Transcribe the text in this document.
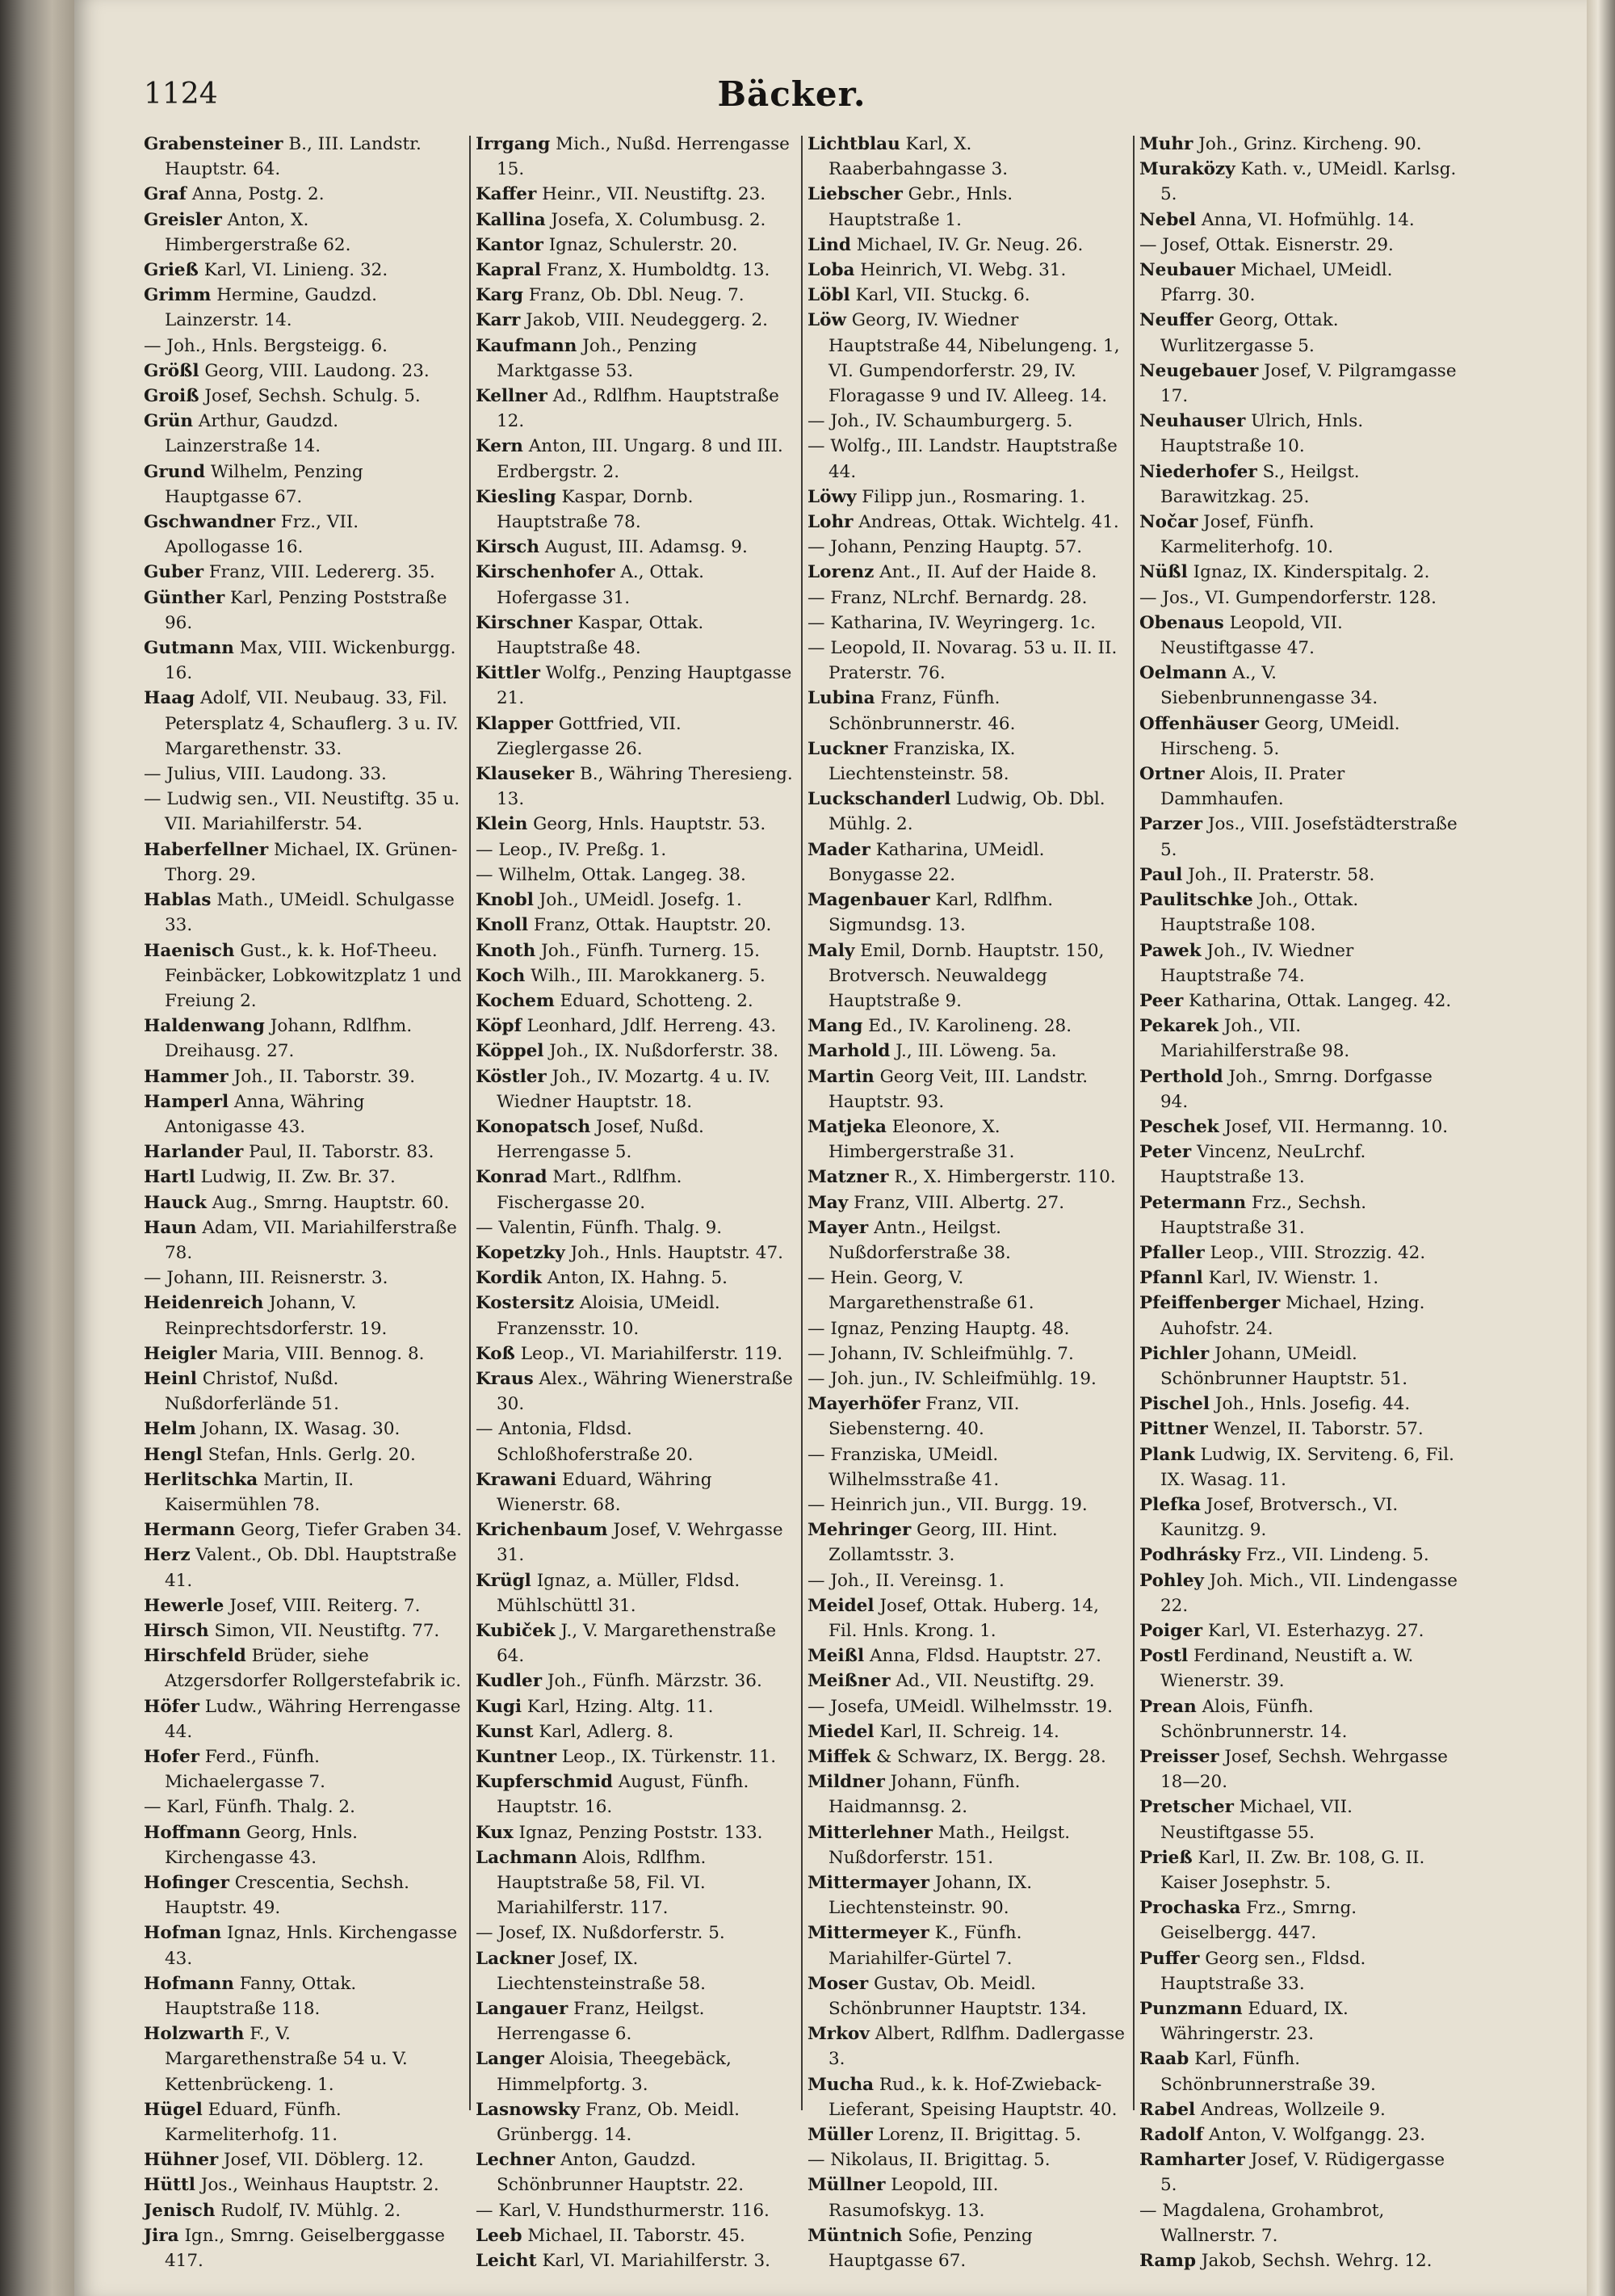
1124	Bäcker.
Grabensteiner B., III. Landstr. Hauptstr. 64.
Graf Anna, Postg. 2.
Greisler Anton, X. Himbergerstraße 62.
Grieß Karl, VI. Linieng. 32.
Grimm Hermine, Gaudzd. Lainzerstr. 14.
— Joh., Hnls. Bergsteigg. 6.
Größl Georg, VIII. Laudong. 23.
Groiß Josef, Sechsh. Schulg. 5.
Grün Arthur, Gaudzd. Lainzerstraße 14.
Grund Wilhelm, Penzing Hauptgasse 67.
Gschwandner Frz., VII. Apollogasse 16.
Guber Franz, VIII. Ledererg. 35.
Günther Karl, Penzing Poststraße 96.
Gutmann Max, VIII. Wickenburgg. 16.
Haag Adolf, VII. Neubaug. 33, Fil. Petersplatz 4, Schauflerg. 3 u. IV. Margarethenstr. 33.
— Julius, VIII. Laudong. 33.
— Ludwig sen., VII. Neustiftg. 35 u. VII. Mariahilferstr. 54.
Haberfellner Michael, IX. Grünen-Thorg. 29.
Hablas Math., UMeidl. Schulgasse 33.
Haenisch Gust., k. k. Hof-Theeu. Feinbäcker, Lobkowitzplatz 1 und Freiung 2.
Haldenwang Johann, Rdlfhm. Dreihausg. 27.
Hammer Joh., II. Taborstr. 39.
Hamperl Anna, Währing Antonigasse 43.
Harlander Paul, II. Taborstr. 83.
Hartl Ludwig, II. Zw. Br. 37.
Hauck Aug., Smrng. Hauptstr. 60.
Haun Adam, VII. Mariahilferstraße 78.
— Johann, III. Reisnerstr. 3.
Heidenreich Johann, V. Reinprechtsdorferstr. 19.
Heigler Maria, VIII. Bennog. 8.
Heinl Christof, Nußd. Nußdorferlände 51.
Helm Johann, IX. Wasag. 30.
Hengl Stefan, Hnls. Gerlg. 20.
Herlitschka Martin, II. Kaisermühlen 78.
Hermann Georg, Tiefer Graben 34.
Herz Valent., Ob. Dbl. Hauptstraße 41.
Hewerle Josef, VIII. Reiterg. 7.
Hirsch Simon, VII. Neustiftg. 77.
Hirschfeld Brüder, siehe Atzgersdorfer Rollgerstefabrik ic.
Höfer Ludw., Währing Herrengasse 44.
Hofer Ferd., Fünfh. Michaelergasse 7.
— Karl, Fünfh. Thalg. 2.
Hoffmann Georg, Hnls. Kirchengasse 43.
Hofinger Crescentia, Sechsh. Hauptstr. 49.
Hofman Ignaz, Hnls. Kirchengasse 43.
Hofmann Fanny, Ottak. Hauptstraße 118.
Holzwarth F., V. Margarethenstraße 54 u. V. Kettenbrückeng. 1.
Hügel Eduard, Fünfh. Karmeliterhofg. 11.
Hühner Josef, VII. Döblerg. 12.
Hüttl Jos., Weinhaus Hauptstr. 2.
Jenisch Rudolf, IV. Mühlg. 2.
Jira Ign., Smrng. Geiselberggasse 417.
Irrgang Mich., Nußd. Herrengasse 15.
Kaffer Heinr., VII. Neustiftg. 23.
Kallina Josefa, X. Columbusg. 2.
Kantor Ignaz, Schulerstr. 20.
Kapral Franz, X. Humboldtg. 13.
Karg Franz, Ob. Dbl. Neug. 7.
Karr Jakob, VIII. Neudeggerg. 2.
Kaufmann Joh., Penzing Marktgasse 53.
Kellner Ad., Rdlfhm. Hauptstraße 12.
Kern Anton, III. Ungarg. 8 und III. Erdbergstr. 2.
Kiesling Kaspar, Dornb. Hauptstraße 78.
Kirsch August, III. Adamsg. 9.
Kirschenhofer A., Ottak. Hofergasse 31.
Kirschner Kaspar, Ottak. Hauptstraße 48.
Kittler Wolfg., Penzing Hauptgasse 21.
Klapper Gottfried, VII. Zieglergasse 26.
Klauseker B., Währing Theresieng. 13.
Klein Georg, Hnls. Hauptstr. 53.
— Leop., IV. Preßg. 1.
— Wilhelm, Ottak. Langeg. 38.
Knobl Joh., UMeidl. Josefg. 1.
Knoll Franz, Ottak. Hauptstr. 20.
Knoth Joh., Fünfh. Turnerg. 15.
Koch Wilh., III. Marokkanerg. 5.
Kochem Eduard, Schotteng. 2.
Köpf Leonhard, Jdlf. Herreng. 43.
Köppel Joh., IX. Nußdorferstr. 38.
Köstler Joh., IV. Mozartg. 4 u. IV. Wiedner Hauptstr. 18.
Konopatsch Josef, Nußd. Herrengasse 5.
Konrad Mart., Rdlfhm. Fischergasse 20.
— Valentin, Fünfh. Thalg. 9.
Kopetzky Joh., Hnls. Hauptstr. 47.
Kordik Anton, IX. Hahng. 5.
Kostersitz Aloisia, UMeidl. Franzensstr. 10.
Koß Leop., VI. Mariahilferstr. 119.
Kraus Alex., Währing Wienerstraße 30.
— Antonia, Fldsd. Schloßhoferstraße 20.
Krawani Eduard, Währing Wienerstr. 68.
Krichenbaum Josef, V. Wehrgasse 31.
Krügl Ignaz, a. Müller, Fldsd. Mühlschüttl 31.
Kubiček J., V. Margarethenstraße 64.
Kudler Joh., Fünfh. Märzstr. 36.
Kugi Karl, Hzing. Altg. 11.
Kunst Karl, Adlerg. 8.
Kuntner Leop., IX. Türkenstr. 11.
Kupferschmid August, Fünfh. Hauptstr. 16.
Kux Ignaz, Penzing Poststr. 133.
Lachmann Alois, Rdlfhm. Hauptstraße 58, Fil. VI. Mariahilferstr. 117.
— Josef, IX. Nußdorferstr. 5.
Lackner Josef, IX. Liechtensteinstraße 58.
Langauer Franz, Heilgst. Herrengasse 6.
Langer Aloisia, Theegebäck, Himmelpfortg. 3.
Lasnowsky Franz, Ob. Meidl. Grünbergg. 14.
Lechner Anton, Gaudzd. Schönbrunner Hauptstr. 22.
— Karl, V. Hundsthurmerstr. 116.
Leeb Michael, II. Taborstr. 45.
Leicht Karl, VI. Mariahilferstr. 3.
Lichtblau Karl, X. Raaberbahngasse 3.
Liebscher Gebr., Hnls. Hauptstraße 1.
Lind Michael, IV. Gr. Neug. 26.
Loba Heinrich, VI. Webg. 31.
Löbl Karl, VII. Stuckg. 6.
Löw Georg, IV. Wiedner Hauptstraße 44, Nibelungeng. 1, VI. Gumpendorferstr. 29, IV. Floragasse 9 und IV. Alleeg. 14.
— Joh., IV. Schaumburgerg. 5.
— Wolfg., III. Landstr. Hauptstraße 44.
Löwy Filipp jun., Rosmaring. 1.
Lohr Andreas, Ottak. Wichtelg. 41.
— Johann, Penzing Hauptg. 57.
Lorenz Ant., II. Auf der Haide 8.
— Franz, NLrchf. Bernardg. 28.
— Katharina, IV. Weyringerg. 1c.
— Leopold, II. Novarag. 53 u. II. II. Praterstr. 76.
Lubina Franz, Fünfh. Schönbrunnerstr. 46.
Luckner Franziska, IX. Liechtensteinstr. 58.
Luckschanderl Ludwig, Ob. Dbl. Mühlg. 2.
Mader Katharina, UMeidl. Bonygasse 22.
Magenbauer Karl, Rdlfhm. Sigmundsg. 13.
Maly Emil, Dornb. Hauptstr. 150, Brotversch. Neuwaldegg Hauptstraße 9.
Mang Ed., IV. Karolineng. 28.
Marhold J., III. Löweng. 5a.
Martin Georg Veit, III. Landstr. Hauptstr. 93.
Matjeka Eleonore, X. Himbergerstraße 31.
Matzner R., X. Himbergerstr. 110.
May Franz, VIII. Albertg. 27.
Mayer Antn., Heilgst. Nußdorferstraße 38.
— Hein. Georg, V. Margarethenstraße 61.
— Ignaz, Penzing Hauptg. 48.
— Johann, IV. Schleifmühlg. 7.
— Joh. jun., IV. Schleifmühlg. 19.
Mayerhöfer Franz, VII. Siebensterng. 40.
— Franziska, UMeidl. Wilhelmsstraße 41.
— Heinrich jun., VII. Burgg. 19.
Mehringer Georg, III. Hint. Zollamtsstr. 3.
— Joh., II. Vereinsg. 1.
Meidel Josef, Ottak. Huberg. 14, Fil. Hnls. Krong. 1.
Meißl Anna, Fldsd. Hauptstr. 27.
Meißner Ad., VII. Neustiftg. 29.
— Josefa, UMeidl. Wilhelmsstr. 19.
Miedel Karl, II. Schreig. 14.
Miffek & Schwarz, IX. Bergg. 28.
Mildner Johann, Fünfh. Haidmannsg. 2.
Mitterlehner Math., Heilgst. Nußdorferstr. 151.
Mittermayer Johann, IX. Liechtensteinstr. 90.
Mittermeyer K., Fünfh. Mariahilfer-Gürtel 7.
Moser Gustav, Ob. Meidl. Schönbrunner Hauptstr. 134.
Mrkov Albert, Rdlfhm. Dadlergasse 3.
Mucha Rud., k. k. Hof-Zwieback-Lieferant, Speising Hauptstr. 40.
Müller Lorenz, II. Brigittag. 5.
— Nikolaus, II. Brigittag. 5.
Müllner Leopold, III. Rasumofskyg. 13.
Müntnich Sofie, Penzing Hauptgasse 67.
Muhr Joh., Grinz. Kircheng. 90.
Muraközy Kath. v., UMeidl. Karlsg. 5.
Nebel Anna, VI. Hofmühlg. 14.
— Josef, Ottak. Eisnerstr. 29.
Neubauer Michael, UMeidl. Pfarrg. 30.
Neuffer Georg, Ottak. Wurlitzergasse 5.
Neugebauer Josef, V. Pilgramgasse 17.
Neuhauser Ulrich, Hnls. Hauptstraße 10.
Niederhofer S., Heilgst. Barawitzkag. 25.
Nočar Josef, Fünfh. Karmeliterhofg. 10.
Nüßl Ignaz, IX. Kinderspitalg. 2.
— Jos., VI. Gumpendorferstr. 128.
Obenaus Leopold, VII. Neustiftgasse 47.
Oelmann A., V. Siebenbrunnengasse 34.
Offenhäuser Georg, UMeidl. Hirscheng. 5.
Ortner Alois, II. Prater Dammhaufen.
Parzer Jos., VIII. Josefstädterstraße 5.
Paul Joh., II. Praterstr. 58.
Paulitschke Joh., Ottak. Hauptstraße 108.
Pawek Joh., IV. Wiedner Hauptstraße 74.
Peer Katharina, Ottak. Langeg. 42.
Pekarek Joh., VII. Mariahilferstraße 98.
Perthold Joh., Smrng. Dorfgasse 94.
Peschek Josef, VII. Hermanng. 10.
Peter Vincenz, NeuLrchf. Hauptstraße 13.
Petermann Frz., Sechsh. Hauptstraße 31.
Pfaller Leop., VIII. Strozzig. 42.
Pfannl Karl, IV. Wienstr. 1.
Pfeiffenberger Michael, Hzing. Auhofstr. 24.
Pichler Johann, UMeidl. Schönbrunner Hauptstr. 51.
Pischel Joh., Hnls. Josefig. 44.
Pittner Wenzel, II. Taborstr. 57.
Plank Ludwig, IX. Serviteng. 6, Fil. IX. Wasag. 11.
Plefka Josef, Brotversch., VI. Kaunitzg. 9.
Podhrásky Frz., VII. Lindeng. 5.
Pohley Joh. Mich., VII. Lindengasse 22.
Poiger Karl, VI. Esterhazyg. 27.
Postl Ferdinand, Neustift a. W. Wienerstr. 39.
Prean Alois, Fünfh. Schönbrunnerstr. 14.
Preisser Josef, Sechsh. Wehrgasse 18—20.
Pretscher Michael, VII. Neustiftgasse 55.
Prieß Karl, II. Zw. Br. 108, G. II. Kaiser Josephstr. 5.
Prochaska Frz., Smrng. Geiselbergg. 447.
Puffer Georg sen., Fldsd. Hauptstraße 33.
Punzmann Eduard, IX. Währingerstr. 23.
Raab Karl, Fünfh. Schönbrunnerstraße 39.
Rabel Andreas, Wollzeile 9.
Radolf Anton, V. Wolfgangg. 23.
Ramharter Josef, V. Rüdigergasse 5.
— Magdalena, Grohambrot, Wallnerstr. 7.
Ramp Jakob, Sechsh. Wehrg. 12.
